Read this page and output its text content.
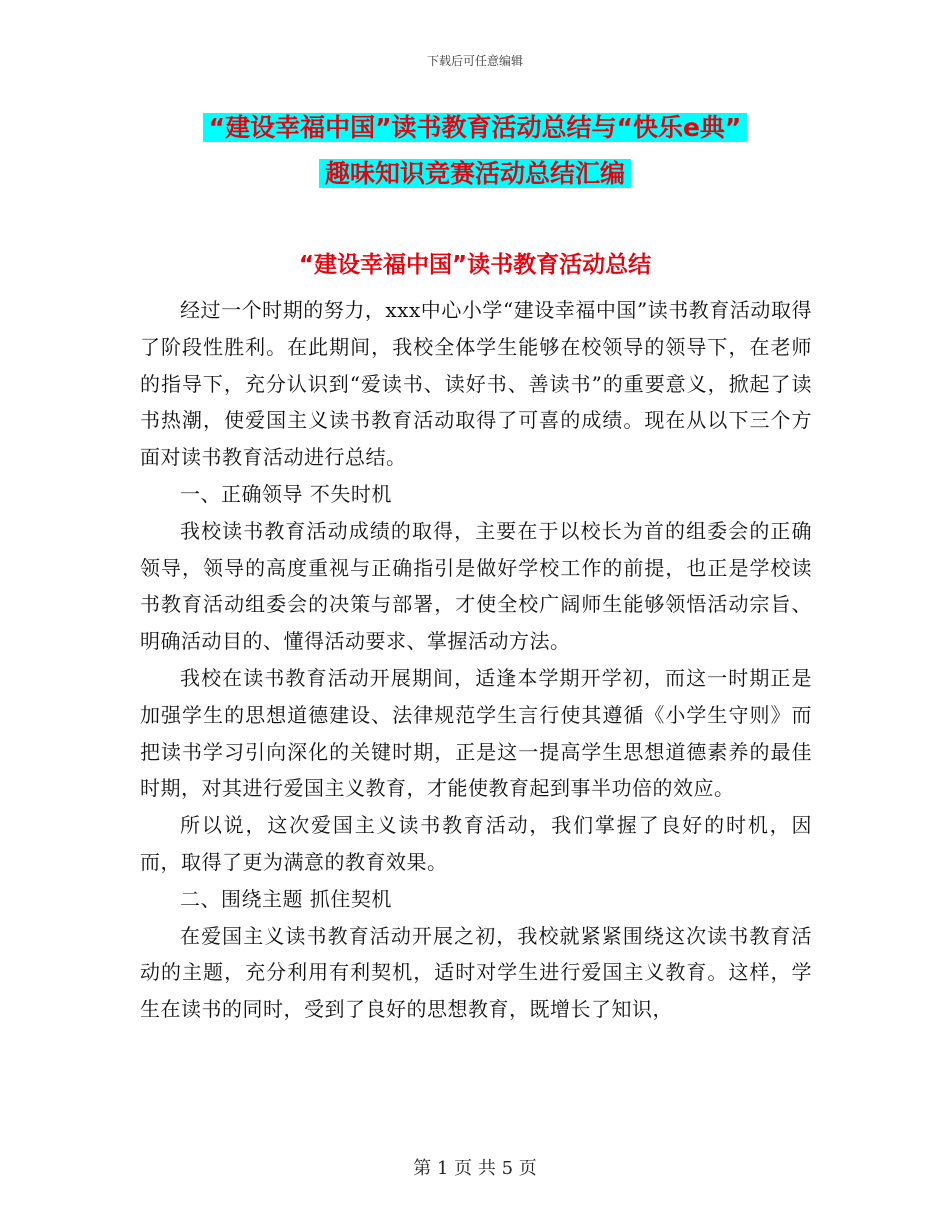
下载后可任意编辑
“建设幸福中国”读书教育活动总结与“快乐e典”
趣味知识竞赛活动总结汇编
“建设幸福中国”读书教育活动总结

经过一个时期的努力，xxx中心小学“建设幸福中国”读书教育活动取得了阶段性胜利。在此期间，我校全体学生能够在校领导的领导下，在老师的指导下，充分认识到“爱读书、读好书、善读书”的重要意义，掀起了读书热潮，使爱国主义读书教育活动取得了可喜的成绩。现在从以下三个方面对读书教育活动进行总结。

一、正确领导 不失时机

我校读书教育活动成绩的取得，主要在于以校长为首的组委会的正确领导，领导的高度重视与正确指引是做好学校工作的前提，也正是学校读书教育活动组委会的决策与部署，才使全校广阔师生能够领悟活动宗旨、明确活动目的、懂得活动要求、掌握活动方法。

我校在读书教育活动开展期间，适逢本学期开学初，而这一时期正是加强学生的思想道德建设、法律规范学生言行使其遵循《小学生守则》而把读书学习引向深化的关键时期，正是这一提高学生思想道德素养的最佳时期，对其进行爱国主义教育，才能使教育起到事半功倍的效应。

所以说，这次爱国主义读书教育活动，我们掌握了良好的时机，因而，取得了更为满意的教育效果。

二、围绕主题 抓住契机

在爱国主义读书教育活动开展之初，我校就紧紧围绕这次读书教育活动的主题，充分利用有利契机，适时对学生进行爱国主义教育。这样，学生在读书的同时，受到了良好的思想教育，既增长了知识，

第 1 页 共 5 页
